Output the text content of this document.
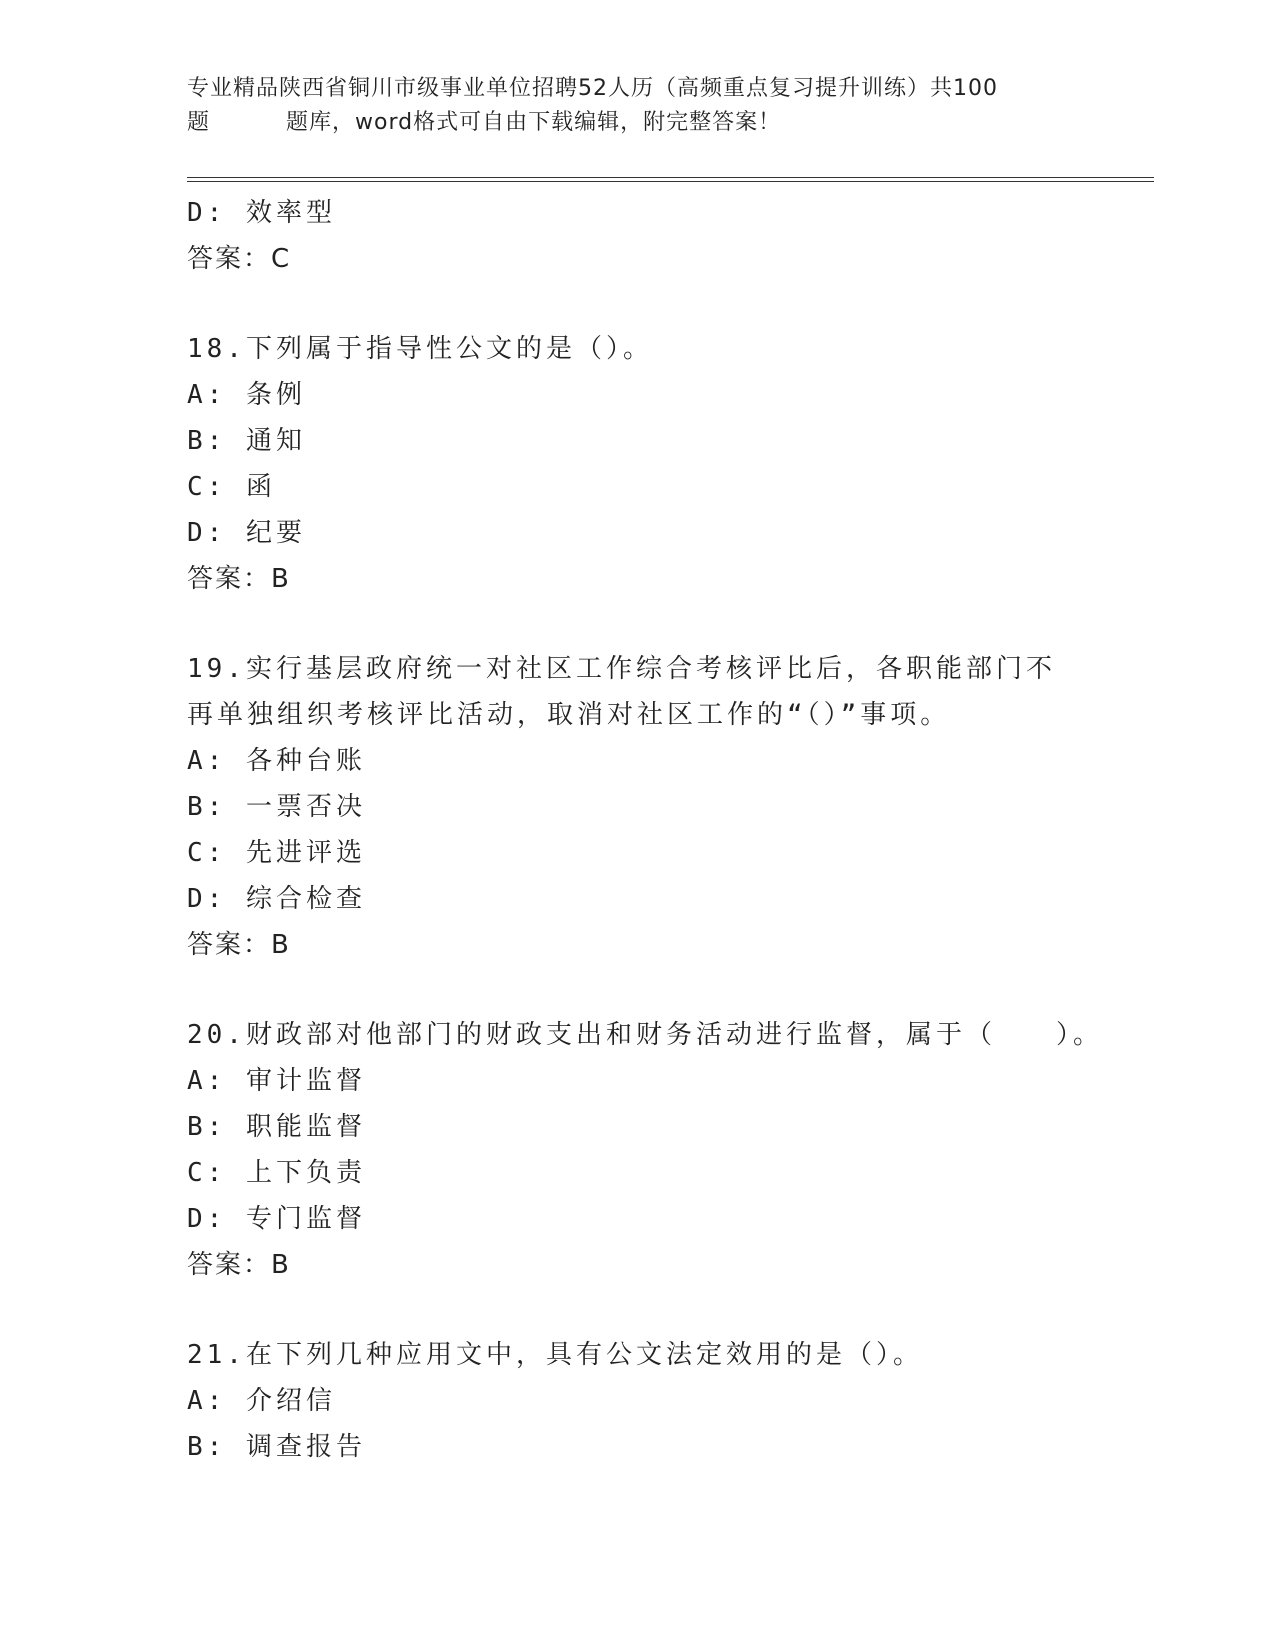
专业精品陕西省铜川市级事业单位招聘52人历（高频重点复习提升训练）共100
题	题库，word格式可自由下载编辑，附完整答案！
D: 效率型
答案：C
18.下列属于指导性公文的是（）。
A: 条例
B: 通知
C: 函
D: 纪要
答案：B
19.实行基层政府统一对社区工作综合考核评比后，各职能部门不再单独组织考核评比活动，取消对社区工作的“（）”事项。
A: 各种台账
B: 一票否决
C: 先进评选
D: 综合检查
答案：B
20.财政部对他部门的财政支出和财务活动进行监督，属于（　　）。
A: 审计监督
B: 职能监督
C: 上下负责
D: 专门监督
答案：B
21.在下列几种应用文中，具有公文法定效用的是（）。
A: 介绍信
B: 调查报告
